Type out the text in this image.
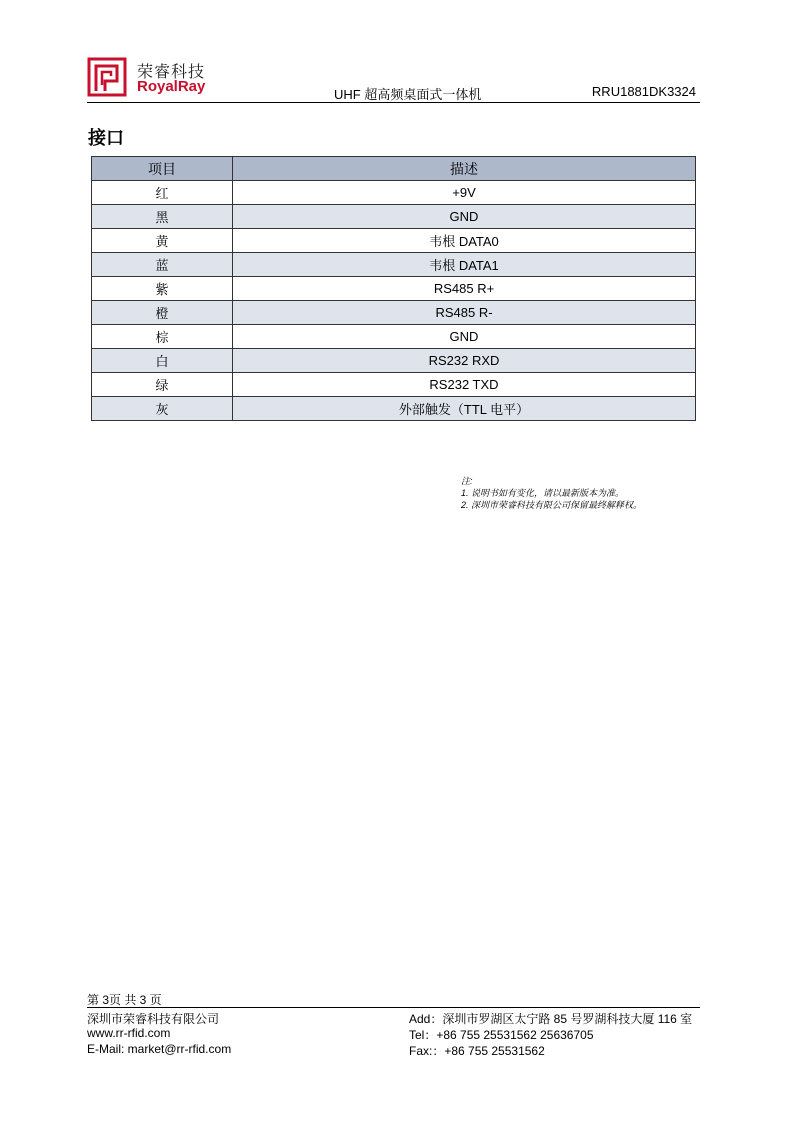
荣睿科技
RoyalRay	UHF 超高频桌面式一体机	RRU1881DK3324
接口
项目	描述
红	+9V
黑	GND
黄	韦根 DATA0
蓝	韦根 DATA1
紫	RS485 R+
橙	RS485 R-
棕	GND
白	RS232 RXD
绿	RS232 TXD
灰	外部触发（TTL 电平）
注:
1. 说明书如有变化，请以最新版本为准。
2. 深圳市荣睿科技有限公司保留最终解释权。
第 3页 共 3 页
深圳市荣睿科技有限公司
www.rr-rfid.com
E-Mail: market@rr-rfid.com
Add：深圳市罗湖区太宁路 85 号罗湖科技大厦 116 室
Tel：+86 755 25531562 25636705
Fax:：+86 755 25531562
